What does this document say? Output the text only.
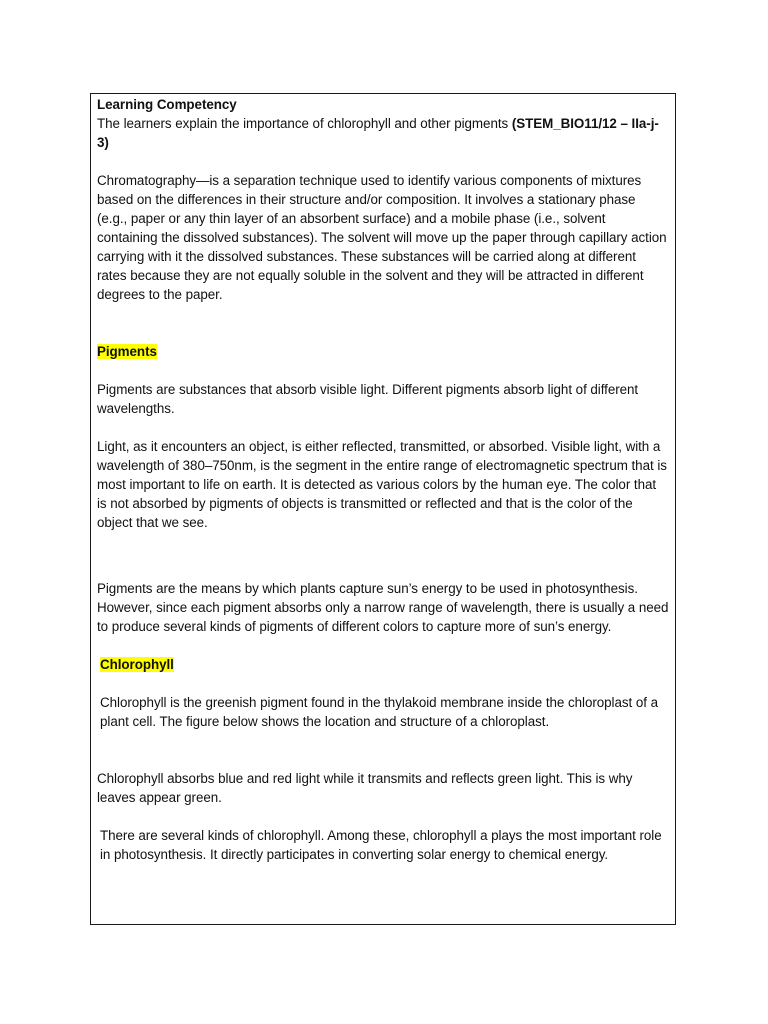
Learning Competency

The learners explain the importance of chlorophyll and other pigments (STEM_BIO11/12 – IIa-j-3)

Chromatography—is a separation technique used to identify various components of mixtures based on the differences in their structure and/or composition. It involves a stationary phase (e.g., paper or any thin layer of an absorbent surface) and a mobile phase (i.e., solvent containing the dissolved substances). The solvent will move up the paper through capillary action carrying with it the dissolved substances. These substances will be carried along at different rates because they are not equally soluble in the solvent and they will be attracted in different degrees to the paper.

Pigments

Pigments are substances that absorb visible light. Different pigments absorb light of different wavelengths.

Light, as it encounters an object, is either reflected, transmitted, or absorbed. Visible light, with a wavelength of 380–750nm, is the segment in the entire range of electromagnetic spectrum that is most important to life on earth. It is detected as various colors by the human eye. The color that is not absorbed by pigments of objects is transmitted or reflected and that is the color of the object that we see.

Pigments are the means by which plants capture sun’s energy to be used in photosynthesis. However, since each pigment absorbs only a narrow range of wavelength, there is usually a need to produce several kinds of pigments of different colors to capture more of sun’s energy.

Chlorophyll

Chlorophyll is the greenish pigment found in the thylakoid membrane inside the chloroplast of a plant cell. The figure below shows the location and structure of a chloroplast.

Chlorophyll absorbs blue and red light while it transmits and reflects green light. This is why leaves appear green.

There are several kinds of chlorophyll. Among these, chlorophyll a plays the most important role in photosynthesis. It directly participates in converting solar energy to chemical energy.
